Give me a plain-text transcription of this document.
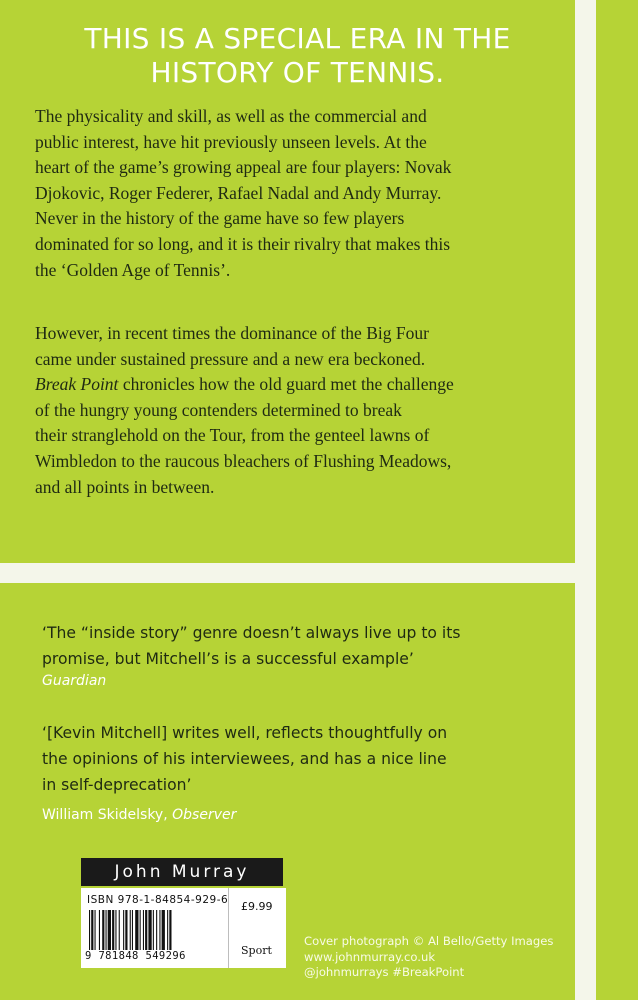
THIS IS A SPECIAL ERA IN THE
HISTORY OF TENNIS.
The physicality and skill, as well as the commercial and
public interest, have hit previously unseen levels. At the
heart of the game’s growing appeal are four players: Novak
Djokovic, Roger Federer, Rafael Nadal and Andy Murray.
Never in the history of the game have so few players
dominated for so long, and it is their rivalry that makes this
the ‘Golden Age of Tennis’.
However, in recent times the dominance of the Big Four
came under sustained pressure and a new era beckoned.
Break Point chronicles how the old guard met the challenge
of the hungry young contenders determined to break
their stranglehold on the Tour, from the genteel lawns of
Wimbledon to the raucous bleachers of Flushing Meadows,
and all points in between.
‘The “inside story” genre doesn’t always live up to its
promise, but Mitchell’s is a successful example’
Guardian
‘[Kevin Mitchell] writes well, reflects thoughtfully on
the opinions of his interviewees, and has a nice line
in self-deprecation’
William Skidelsky, Observer
John Murray
ISBN 978-1-84854-929-6
9 781848 549296
£9.99
Sport
Cover photograph © Al Bello/Getty Images
www.johnmurray.co.uk
@johnmurrays #BreakPoint
